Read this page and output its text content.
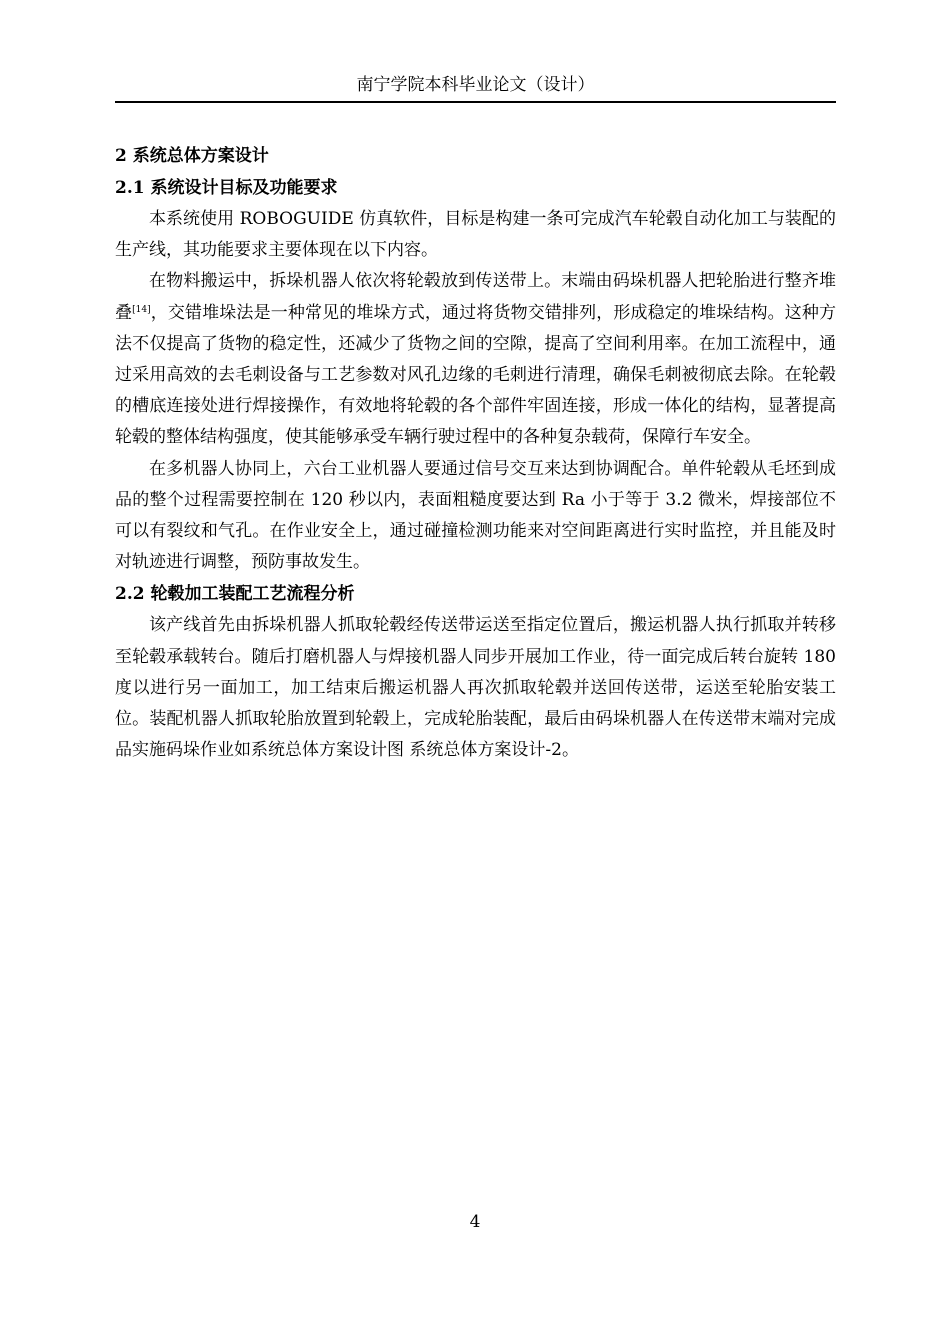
南宁学院本科毕业论文（设计）

2 系统总体方案设计

2.1 系统设计目标及功能要求

本系统使用 ROBOGUIDE 仿真软件，目标是构建一条可完成汽车轮毂自动化加工与装配的生产线，其功能要求主要体现在以下内容。

在物料搬运中，拆垛机器人依次将轮毂放到传送带上。末端由码垛机器人把轮胎进行整齐堆叠[14]，交错堆垛法是一种常见的堆垛方式，通过将货物交错排列，形成稳定的堆垛结构。这种方法不仅提高了货物的稳定性，还减少了货物之间的空隙，提高了空间利用率。在加工流程中，通过采用高效的去毛刺设备与工艺参数对风孔边缘的毛刺进行清理，确保毛刺被彻底去除。在轮毂的槽底连接处进行焊接操作，有效地将轮毂的各个部件牢固连接，形成一体化的结构，显著提高轮毂的整体结构强度，使其能够承受车辆行驶过程中的各种复杂载荷，保障行车安全。

在多机器人协同上，六台工业机器人要通过信号交互来达到协调配合。单件轮毂从毛坯到成品的整个过程需要控制在 120 秒以内，表面粗糙度要达到 Ra 小于等于 3.2 微米，焊接部位不可以有裂纹和气孔。在作业安全上，通过碰撞检测功能来对空间距离进行实时监控，并且能及时对轨迹进行调整，预防事故发生。

2.2 轮毂加工装配工艺流程分析

该产线首先由拆垛机器人抓取轮毂经传送带运送至指定位置后，搬运机器人执行抓取并转移至轮毂承载转台。随后打磨机器人与焊接机器人同步开展加工作业，待一面完成后转台旋转 180 度以进行另一面加工，加工结束后搬运机器人再次抓取轮毂并送回传送带，运送至轮胎安装工位。装配机器人抓取轮胎放置到轮毂上，完成轮胎装配，最后由码垛机器人在传送带末端对完成品实施码垛作业如系统总体方案设计图 系统总体方案设计-2。

4
